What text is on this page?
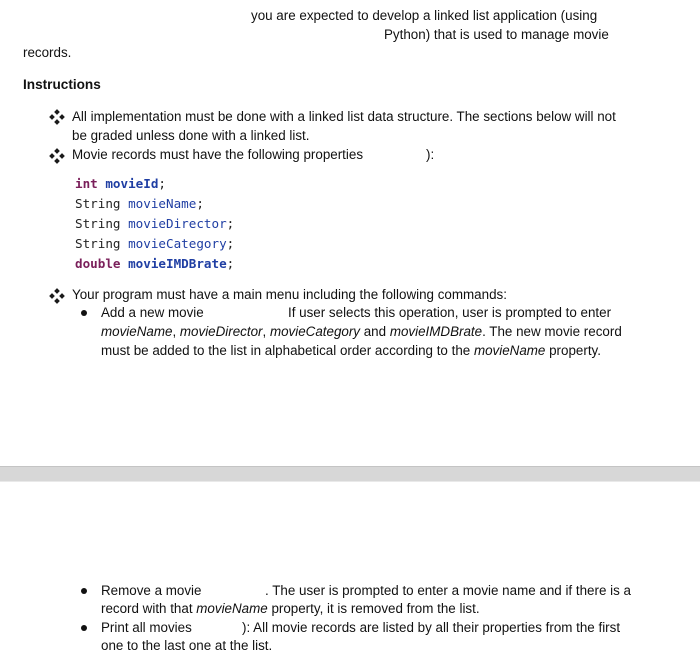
you are expected to develop a linked list application (using
Python) that is used to manage movie
records.
Instructions
All implementation must be done with a linked list data structure. The sections below will not
be graded unless done with a linked list.
Movie records must have the following properties	):
int movieId;
String movieName;
String movieDirector;
String movieCategory;
double movieIMDBrate;
Your program must have a main menu including the following commands:
Add a new movie	If user selects this operation, user is prompted to enter
movieName, movieDirector, movieCategory and movieIMDBrate. The new movie record
must be added to the list in alphabetical order according to the movieName property.
Remove a movie	. The user is prompted to enter a movie name and if there is a
record with that movieName property, it is removed from the list.
Print all movies	): All movie records are listed by all their properties from the first
one to the last one at the list.
